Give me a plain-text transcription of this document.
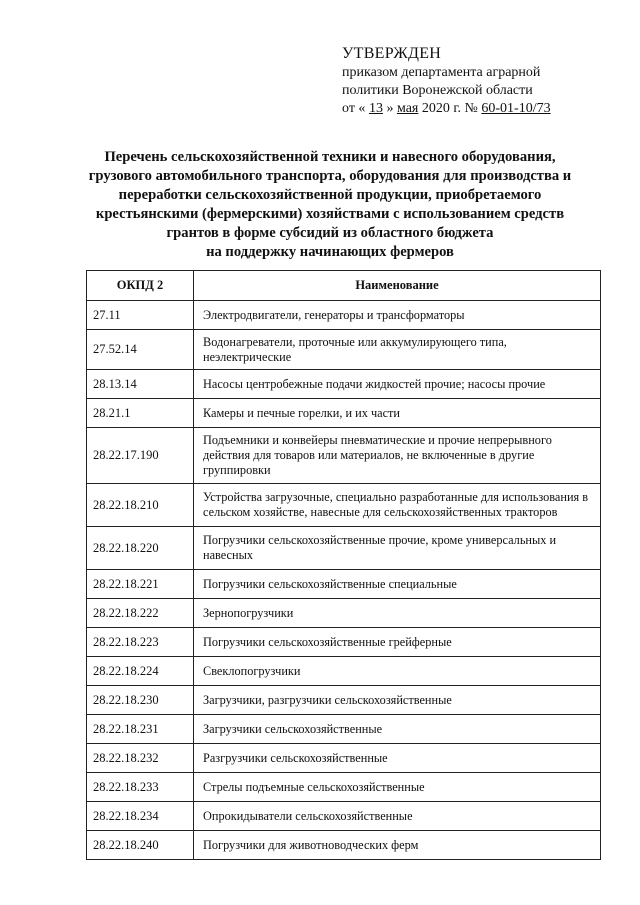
УТВЕРЖДЕН
приказом департамента аграрной
политики Воронежской области
от « 13 » мая 2020 г. № 60-01-10/73
Перечень сельскохозяйственной техники и навесного оборудования,
грузового автомобильного транспорта, оборудования для производства и
переработки сельскохозяйственной продукции, приобретаемого
крестьянскими (фермерскими) хозяйствами с использованием средств
грантов в форме субсидий из областного бюджета
на поддержку начинающих фермеров
ОКПД 2	Наименование
27.11	Электродвигатели, генераторы и трансформаторы
27.52.14	Водонагреватели, проточные или аккумулирующего типа, неэлектрические
28.13.14	Насосы центробежные подачи жидкостей прочие; насосы прочие
28.21.1	Камеры и печные горелки, и их части
28.22.17.190	Подъемники и конвейеры пневматические и прочие непрерывного действия для товаров или материалов, не включенные в другие группировки
28.22.18.210	Устройства загрузочные, специально разработанные для использования в сельском хозяйстве, навесные для сельскохозяйственных тракторов
28.22.18.220	Погрузчики сельскохозяйственные прочие, кроме универсальных и навесных
28.22.18.221	Погрузчики сельскохозяйственные специальные
28.22.18.222	Зернопогрузчики
28.22.18.223	Погрузчики сельскохозяйственные грейферные
28.22.18.224	Свеклопогрузчики
28.22.18.230	Загрузчики, разгрузчики сельскохозяйственные
28.22.18.231	Загрузчики сельскохозяйственные
28.22.18.232	Разгрузчики сельскохозяйственные
28.22.18.233	Стрелы подъемные сельскохозяйственные
28.22.18.234	Опрокидыватели сельскохозяйственные
28.22.18.240	Погрузчики для животноводческих ферм
